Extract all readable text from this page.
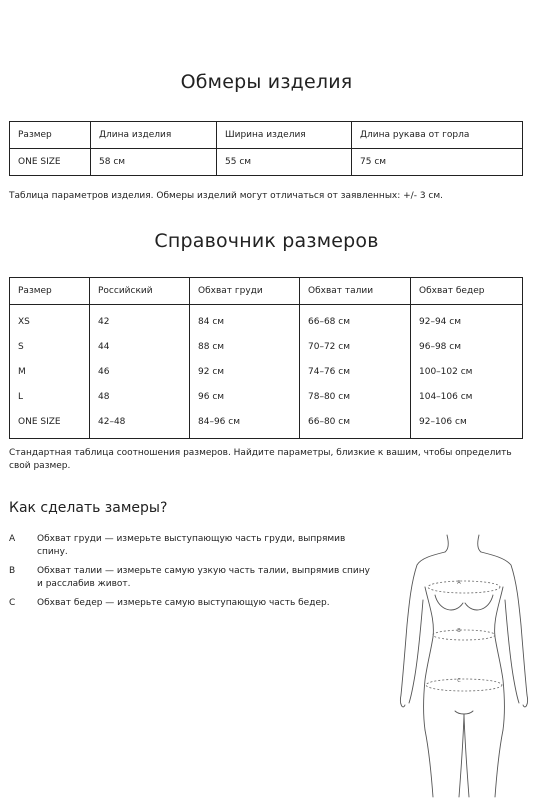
Обмеры изделия
Размер	Длина изделия	Ширина изделия	Длина рукава от горла
ONE SIZE	58 см	55 см	75 см
Таблица параметров изделия. Обмеры изделий могут отличаться от заявленных: +/- 3 см.
Справочник размеров
Размер	Российский	Обхват груди	Обхват талии	Обхват бедер
XS	42	84 см	66–68 см	92–94 см
S	44	88 см	70–72 см	96–98 см
M	46	92 см	74–76 см	100–102 см
L	48	96 см	78–80 см	104–106 см
ONE SIZE	42–48	84–96 см	66–80 см	92–106 см
Стандартная таблица соотношения размеров. Найдите параметры, близкие к вашим, чтобы определить свой размер.
Как сделать замеры?
A	Обхват груди — измерьте выступающую часть груди, выпрямив спину.
B	Обхват талии — измерьте самую узкую часть талии, выпрямив спину и расслабив живот.
C	Обхват бедер — измерьте самую выступающую часть бедер.
A
B
C
